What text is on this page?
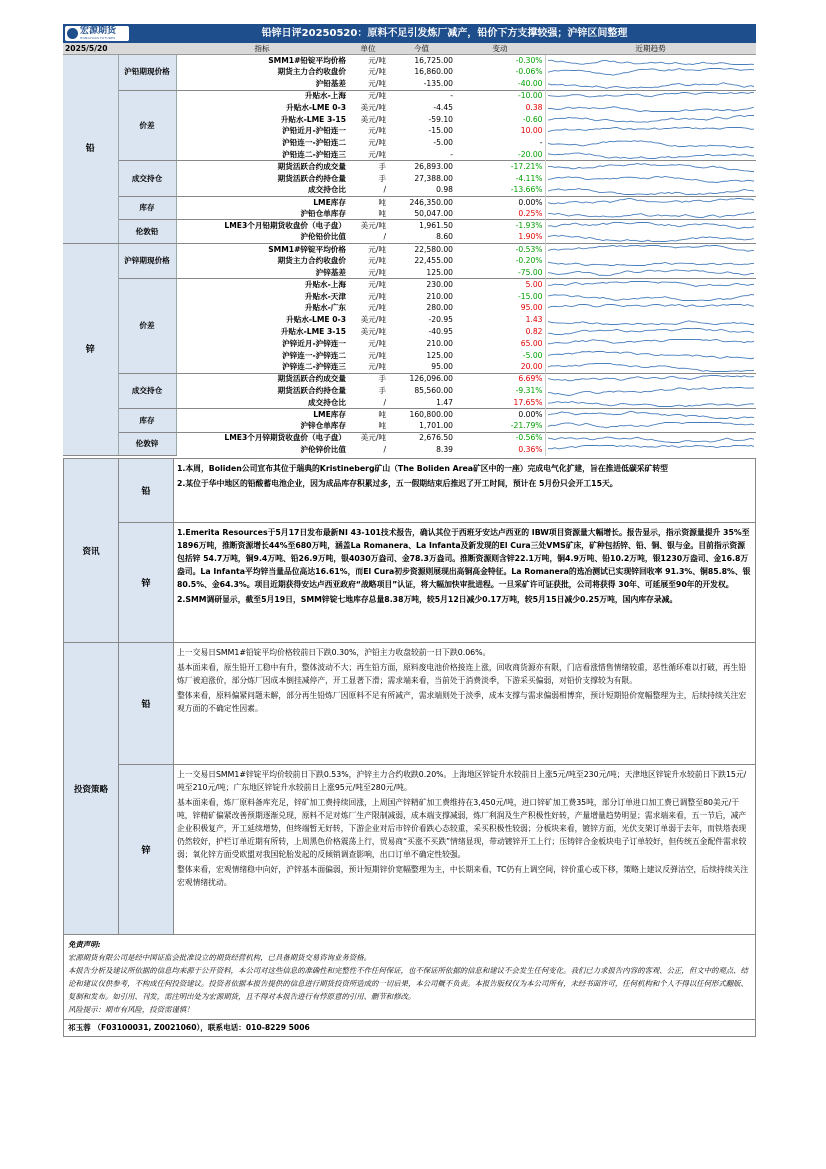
宏源期货
HONGYUAN FUTURES	铅锌日评20250520：原料不足引发炼厂减产，铅价下方支撑较强；沪锌区间整理
2025/5/20		指标	单位	今值	变动	近期趋势
铅	沪铅期现价格	SMM1#铅锭平均价格	元/吨	16,725.00	-0.30%	

		期货主力合约收盘价	元/吨	16,860.00	-0.06%	

		沪铅基差	元/吨	-135.00	-40.00	

	价差	升贴水-上海	元/吨	-	-10.00	

		升贴水-LME 0-3	美元/吨	-4.45	0.38	

		升贴水-LME 3-15	美元/吨	-59.10	-0.60	

		沪铅近月-沪铅连一	元/吨	-15.00	10.00	

		沪铅连一-沪铅连二	元/吨	-5.00	-	

		沪铅连二-沪铅连三	元/吨	-	-20.00	

	成交持仓	期货活跃合约成交量	手	26,893.00	-17.21%	

		期货活跃合约持仓量	手	27,388.00	-4.11%	

		成交持仓比	/	0.98	-13.66%	

	库存	LME库存	吨	246,350.00	0.00%	

		沪铅仓单库存	吨	50,047.00	0.25%	

	伦敦铅	LME3个月铅期货收盘价（电子盘）	美元/吨	1,961.50	-1.93%	

		沪伦铅价比值	/	8.60	1.90%	

锌	沪锌期现价格	SMM1#锌锭平均价格	元/吨	22,580.00	-0.53%	

		期货主力合约收盘价	元/吨	22,455.00	-0.20%	

		沪锌基差	元/吨	125.00	-75.00	

	价差	升贴水-上海	元/吨	230.00	5.00	

		升贴水-天津	元/吨	210.00	-15.00	

		升贴水-广东	元/吨	280.00	95.00	

		升贴水-LME 0-3	美元/吨	-20.95	1.43	

		升贴水-LME 3-15	美元/吨	-40.95	0.82	

		沪锌近月-沪锌连一	元/吨	210.00	65.00	

		沪锌连一-沪锌连二	元/吨	125.00	-5.00	

		沪锌连二-沪锌连三	元/吨	95.00	20.00	

	成交持仓	期货活跃合约成交量	手	126,096.00	6.69%	

		期货活跃合约持仓量	手	85,560.00	-9.31%	

		成交持仓比	/	1.47	17.65%	

	库存	LME库存	吨	160,800.00	0.00%	

		沪锌仓单库存	吨	1,701.00	-21.79%	

	伦敦锌	LME3个月锌期货收盘价（电子盘）	美元/吨	2,676.50	-0.56%	

		沪伦锌价比值	/	8.39	0.36%	
资讯	铅	1.本周，Boliden公司宣布其位于瑞典的Kristineberg矿山（The Boliden Area矿区中的一座）完成电气化扩建，旨在推进低碳采矿转型

2.某位于华中地区的铅酸蓄电池企业，因为成品库存积累过多，五一假期结束后推迟了开工时间，预计在 5月份只会开工15天。

	锌	1.Emerita Resources于5月17日发布最新NI 43-101技术报告，确认其位于西班牙安达卢西亚的 IBW项目资源量大幅增长。报告显示，指示资源量提升 35%至1896万吨，推断资源增长44%至680万吨，涵盖La Romanera、La Infanta及新发现的El Cura三处VMS矿床，矿种包括锌、铅、铜、银与金。目前指示资源包括锌 54.7万吨，铜9.4万吨、铅26.9万吨，银4030万盎司、金78.3万盎司。推断资源则含锌22.1万吨，铜4.9万吨、铅10.2万吨，银1230万盎司、金16.8万盎司。La Infanta平均锌当量品位高达16.61%，而El Cura初步资源则展现出高铜高金特征。La Romanera的选冶测试已实现锌回收率 91.3%、铜85.8%、银80.5%、金64.3%。项目近期获得安达卢西亚政府“战略项目”认证，将大幅加快审批进程。一旦采矿许可证获批，公司将获得 30年、可延展至90年的开发权。

2.SMM调研显示，截至5月19日，SMM锌锭七地库存总量8.38万吨，较5月12日减少0.17万吨，较5月15日减少0.25万吨，国内库存录减。

投资策略	铅	上一交易日SMM1#铅锭平均价格较前日下跌0.30%，沪铅主力收盘较前一日下跌0.06%。

基本面来看，原生铅开工稳中有升，整体波动不大；再生铅方面，原料废电池价格接连上涨，回收商货源亦有限，门店看涨惜售情绪较重，恶性循环难以打破，再生铅炼厂被迫涨价，部分炼厂因成本倒挂减停产，开工显著下滑；需求端来看，当前处于消费淡季，下游采买偏弱，对铅价支撑较为有限。

整体来看，原料偏紧问题未解，部分再生铅炼厂因原料不足有所减产，需求端则处于淡季，成本支撑与需求偏弱相博弈，预计短期铅价宽幅整理为主，后续持续关注宏观方面的不确定性因素。

	锌	上一交易日SMM1#锌锭平均价较前日下跌0.53%，沪锌主力合约收跌0.20%。上海地区锌锭升水较前日上涨5元/吨至230元/吨；天津地区锌锭升水较前日下跌15元/吨至210元/吨；广东地区锌锭升水较前日上涨95元/吨至280元/吨。

基本面来看，炼厂原料备库充足，锌矿加工费持续回涨，上周国产锌精矿加工费维持在3,450元/吨，进口锌矿加工费35吨，部分订单进口加工费已调整至80美元/干吨，锌精矿偏紧改善预期逐渐兑现，原料不足对炼厂生产限制减弱，成本端支撑减弱，炼厂利润及生产积极性好转，产量增量趋势明显；需求端来看，五一节后，减产企业积极复产，开工延续增势，但终端暂无好转，下游企业对后市锌价看跌心态较重，采买积极性较弱；分板块来看，镀锌方面，光伏支架订单弱于去年，而铁塔表现仍然较好，护栏订单近期有所转，上周黑色价格震荡上行，贸易商“买涨不买跌”情绪显现，带动镀锌开工上行；压铸锌合金板块电子订单较好，但传统五金配件需求较弱；氧化锌方面受欧盟对我国轮胎发起的反倾销调查影响，出口订单不确定性较强。

整体来看，宏观情绪稳中向好，沪锌基本面偏弱，预计短期锌价宽幅整理为主，中长期来看，TC仍有上调空间，锌价重心或下移，策略上建议反弹沽空，后续持续关注宏观情绪扰动。

免责声明:

宏源期货有限公司是经中国证监会批准设立的期货经营机构，已具备期货交易咨询业务资格。

本报告分析及建议所依据的信息均来源于公开资料，本公司对这些信息的准确性和完整性不作任何保证，也不保证所依据的信息和建议不会发生任何变化。我们已力求报告内容的客观、公正，但文中的观点、结论和建议仅供参考，不构成任何投资建议。投资者依据本报告提供的信息进行期货投资所造成的一切后果，本公司概不负责。本报告版权仅为本公司所有，未经书面许可，任何机构和个人不得以任何形式翻版、复制和发布。如引用、刊发，需注明出处为宏源期货，且不得对本报告进行有悖原意的引用、删节和修改。

风险提示：期市有风险，投资需谨慎！

祁玉蓉 （F03100031, Z0021060），联系电话：010-8229 5006
